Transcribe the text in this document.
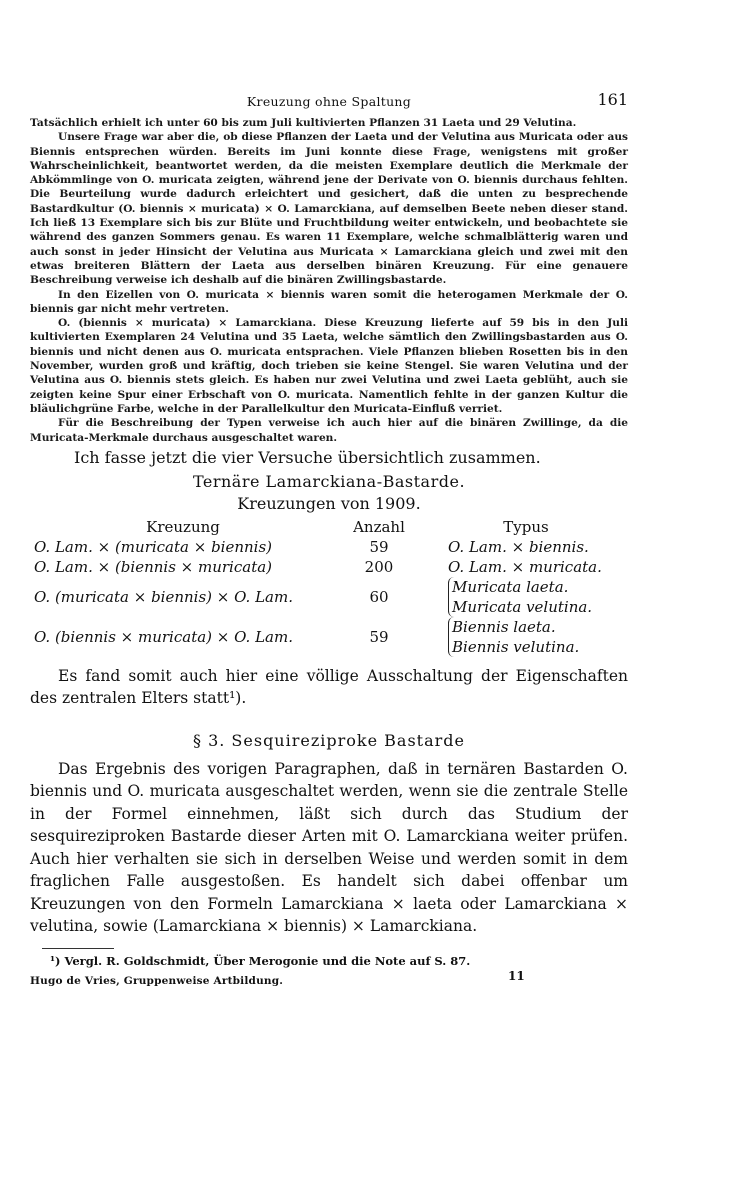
Kreuzung ohne Spaltung	161

Tatsächlich erhielt ich unter 60 bis zum Juli kultivierten Pflanzen 31 Laeta und 29 Velutina.

Unsere Frage war aber die, ob diese Pflanzen der Laeta und der Velutina aus Muricata oder aus Biennis entsprechen würden. Bereits im Juni konnte diese Frage, wenigstens mit großer Wahrscheinlichkeit, beantwortet werden, da die meisten Exemplare deutlich die Merkmale der Abkömmlinge von O. muricata zeigten, während jene der Derivate von O. biennis durchaus fehlten. Die Beurteilung wurde dadurch erleichtert und gesichert, daß die unten zu besprechende Bastardkultur (O. biennis × muricata) × O. Lamarckiana, auf demselben Beete neben dieser stand. Ich ließ 13 Exemplare sich bis zur Blüte und Fruchtbildung weiter entwickeln, und beobachtete sie während des ganzen Sommers genau. Es waren 11 Exemplare, welche schmalblätterig waren und auch sonst in jeder Hinsicht der Velutina aus Muricata × Lamarckiana gleich und zwei mit den etwas breiteren Blättern der Laeta aus derselben binären Kreuzung. Für eine genauere Beschreibung verweise ich deshalb auf die binären Zwillingsbastarde.

In den Eizellen von O. muricata × biennis waren somit die heterogamen Merkmale der O. biennis gar nicht mehr vertreten.

O. (biennis × muricata) × Lamarckiana. Diese Kreuzung lieferte auf 59 bis in den Juli kultivierten Exemplaren 24 Velutina und 35 Laeta, welche sämtlich den Zwillingsbastarden aus O. biennis und nicht denen aus O. muricata entsprachen. Viele Pflanzen blieben Rosetten bis in den November, wurden groß und kräftig, doch trieben sie keine Stengel. Sie waren Velutina und der Velutina aus O. biennis stets gleich. Es haben nur zwei Velutina und zwei Laeta geblüht, auch sie zeigten keine Spur einer Erbschaft von O. muricata. Namentlich fehlte in der ganzen Kultur die bläulichgrüne Farbe, welche in der Parallelkultur den Muricata-Einfluß verriet.

Für die Beschreibung der Typen verweise ich auch hier auf die binären Zwillinge, da die Muricata-Merkmale durchaus ausgeschaltet waren.

Ich fasse jetzt die vier Versuche übersichtlich zusammen.
Ternäre Lamarckiana-Bastarde.
Kreuzungen von 1909.
Kreuzung	Anzahl	Typus
O. Lam. × (muricata × biennis)	59	O. Lam. × biennis.
O. Lam. × (biennis × muricata)	200	O. Lam. × muricata.
O. (muricata × biennis) × O. Lam.	60	Muricata laeta.
Muricata velutina.
O. (biennis × muricata) × O. Lam.	59	Biennis laeta.
Biennis velutina.

Es fand somit auch hier eine völlige Ausschaltung der Eigenschaften des zentralen Elters statt¹).

§ 3. Sesquireziproke Bastarde

Das Ergebnis des vorigen Paragraphen, daß in ternären Bastarden O. biennis und O. muricata ausgeschaltet werden, wenn sie die zentrale Stelle in der Formel einnehmen, läßt sich durch das Studium der sesquireziproken Bastarde dieser Arten mit O. Lamarckiana weiter prüfen. Auch hier verhalten sie sich in derselben Weise und werden somit in dem fraglichen Falle ausgestoßen. Es handelt sich dabei offenbar um Kreuzungen von den Formeln Lamarckiana × laeta oder Lamarckiana × velutina, sowie (Lamarckiana × biennis) × Lamarckiana.

¹) Vergl. R. Goldschmidt, Über Merogonie und die Note auf S. 87.
Hugo de Vries, Gruppenweise Artbildung.	11
